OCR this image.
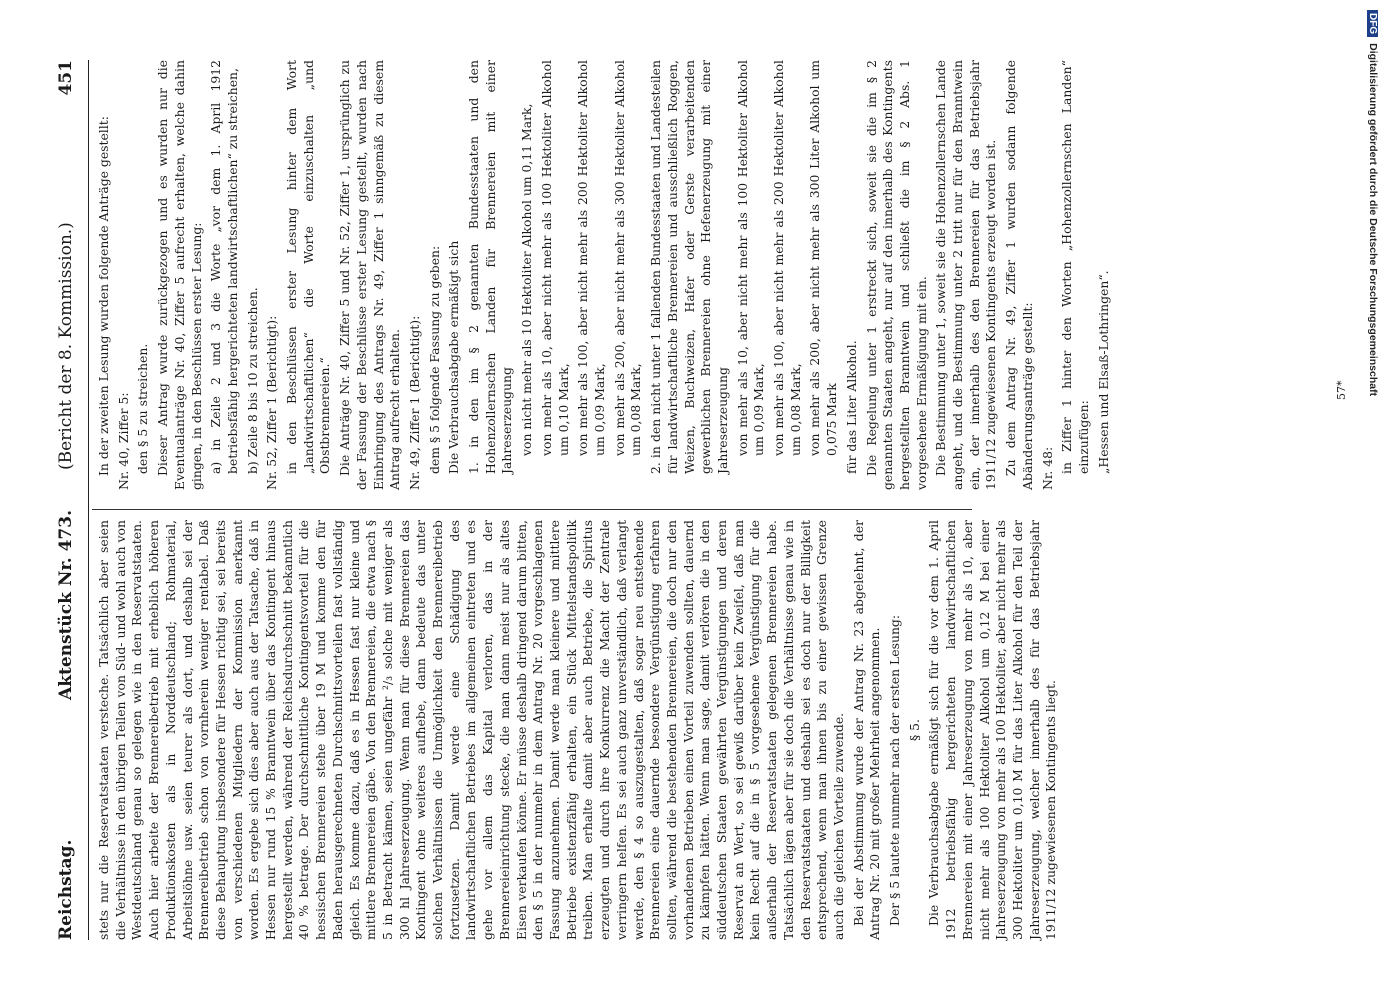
Reichstag.
Aktenstück Nr. 473.
(Bericht der 8. Kommission.)
451

stets nur die Reservatstaaten versteche. Tatsächlich aber seien die Verhältnisse in den übrigen Teilen von Süd- und wohl auch von Westdeutschland genau so gelegen wie in den Reservatstaaten. Auch hier arbeite der Brennereibetrieb mit erheblich höheren Produktionskosten als in Norddeutschland; Rohmaterial, Arbeitslöhne usw. seien teurer als dort, und deshalb sei der Brennereibetrieb schon von vornherein weniger rentabel. Daß diese Behauptung insbesondere für Hessen richtig sei, sei bereits von verschiedenen Mitgliedern der Kommission anerkannt worden. Es ergebe sich dies aber auch aus der Tatsache, daß in Hessen nur rund 15 % Branntwein über das Kontingent hinaus hergestellt werden, während der Reichsdurchschnitt bekanntlich 40 % betrage. Der durchschnittliche Kontingentsvorteil für die hessischen Brennereien stehe über 19 M und komme den für Baden herausgerechneten Durchschnittsvorteilen fast vollständig gleich. Es komme dazu, daß es in Hessen fast nur kleine und mittlere Brennereien gäbe. Von den Brennereien, die etwa nach § 5 in Betracht kämen, seien ungefähr ²/₃ solche mit weniger als 300 hl Jahreserzeugung. Wenn man für diese Brennereien das Kontingent ohne weiteres aufhebe, dann bedeute das unter solchen Verhältnissen die Unmöglichkeit den Brennereibetrieb fortzusetzen. Damit werde eine Schädigung des landwirtschaftlichen Betriebes im allgemeinen eintreten und es gehe vor allem das Kapital verloren, das in der Brennereieinrichtung stecke, die man dann meist nur als altes Eisen verkaufen könne. Er müsse deshalb dringend darum bitten, den § 5 in der nunmehr in dem Antrag Nr. 20 vorgeschlagenen Fassung anzunehmen. Damit werde man kleinere und mittlere Betriebe existenzfähig erhalten, ein Stück Mittelstandspolitik treiben. Man erhalte damit aber auch Betriebe, die Spiritus erzeugten und durch ihre Konkurrenz die Macht der Zentrale verringern helfen. Es sei auch ganz unverständlich, daß verlangt werde, den § 4 so auszugestalten, daß sogar neu entstehende Brennereien eine dauernde besondere Vergünstigung erfahren sollten, während die bestehenden Brennereien, die doch nur den vorhandenen Betrieben einen Vorteil zuwenden sollten, dauernd zu kämpfen hätten. Wenn man sage, damit verlören die in den süddeutschen Staaten gewährten Vergünstigungen und deren Reservat an Wert, so sei gewiß darüber kein Zweifel, daß man kein Recht auf die in § 5 vorgesehene Vergünstigung für die außerhalb der Reservatstaaten gelegenen Brennereien habe. Tatsächlich lägen aber für sie doch die Verhältnisse genau wie in den Reservatstaaten und deshalb sei es doch nur der Billigkeit entsprechend, wenn man ihnen bis zu einer gewissen Grenze auch die gleichen Vorteile zuwende. Bei der Abstimmung wurde der Antrag Nr. 23 abgelehnt, der Antrag Nr. 20 mit großer Mehrheit angenommen. Der § 5 lautete nunmehr nach der ersten Lesung: § 5. Die Verbrauchsabgabe ermäßigt sich für die vor dem 1. April 1912 betriebsfähig hergerichteten landwirtschaftlichen Brennereien mit einer Jahreserzeugung von mehr als 10, aber nicht mehr als 100 Hektoliter Alkohol um 0,12 M bei einer Jahreserzeugung von mehr als 100 Hektoliter, aber nicht mehr als 300 Hektoliter um 0,10 M für das Liter Alkohol für den Teil der Jahreserzeugung, welcher innerhalb des für das Betriebsjahr 1911/12 zugewiesenen Kontingents liegt.

In der zweiten Lesung wurden folgende Anträge gestellt: Nr. 40, Ziffer 5: den § 5 zu streichen. Dieser Antrag wurde zurückgezogen und es wurden nur die Eventualanträge Nr. 40, Ziffer 5 aufrecht erhalten, welche dahin gingen, in den Beschlüssen erster Lesung: a) in Zeile 2 und 3 die Worte „vor dem 1. April 1912 betriebsfähig hergerichteten landwirtschaftlichen“ zu streichen, b) Zeile 8 bis 10 zu streichen. Nr. 52, Ziffer 1 (Berichtigt): in den Beschlüssen erster Lesung hinter dem Wort „landwirtschaftlichen“ die Worte einzuschalten „und Obstbrennereien.“ Die Anträge Nr. 40, Ziffer 5 und Nr. 52, Ziffer 1, ursprünglich zu der Fassung der Beschlüsse erster Lesung gestellt, wurden nach Einbringung des Antrags Nr. 49, Ziffer 1 sinngemäß zu diesem Antrag aufrecht erhalten. Nr. 49, Ziffer 1 (Berichtigt): dem § 5 folgende Fassung zu geben: Die Verbrauchsabgabe ermäßigt sich 1. in den im § 2 genannten Bundesstaaten und den Hohenzollernschen Landen für Brennereien mit einer Jahreserzeugung von nicht mehr als 10 Hektoliter Alkohol um 0,11 Mark, von mehr als 10, aber nicht mehr als 100 Hektoliter Alkohol um 0,10 Mark, von mehr als 100, aber nicht mehr als 200 Hektoliter Alkohol um 0,09 Mark, von mehr als 200, aber nicht mehr als 300 Hektoliter Alkohol um 0,08 Mark, 2. in den nicht unter 1 fallenden Bundesstaaten und Landesteilen für landwirtschaftliche Brennereien und ausschließlich Roggen, Weizen, Buchweizen, Hafer oder Gerste verarbeitenden gewerblichen Brennereien ohne Hefenerzeugung mit einer Jahreserzeugung von mehr als 10, aber nicht mehr als 100 Hektoliter Alkohol um 0,09 Mark, von mehr als 100, aber nicht mehr als 200 Hektoliter Alkohol um 0,08 Mark, von mehr als 200, aber nicht mehr als 300 Liter Alkohol um 0,075 Mark für das Liter Alkohol. Die Regelung unter 1 erstreckt sich, soweit sie die im § 2 genannten Staaten angeht, nur auf den innerhalb des Kontingents hergestellten Branntwein und schließt die im § 2 Abs. 1 vorgesehene Ermäßigung mit ein. Die Bestimmung unter 1, soweit sie die Hohenzollernschen Lande angeht, und die Bestimmung unter 2 tritt nur für den Branntwein ein, der innerhalb des den Brennereien für das Betriebsjahr 1911/12 zugewiesenen Kontingents erzeugt worden ist. Zu dem Antrag Nr. 49, Ziffer 1 wurden sodann folgende Abänderungsanträge gestellt: Nr. 48: in Ziffer 1 hinter den Worten „Hohenzollernschen Landen“ einzufügen: „Hessen und Elsaß-Lothringen“.	57*
DFGDigitalisierung gefördert durch die Deutsche Forschungsgemeinschaft
